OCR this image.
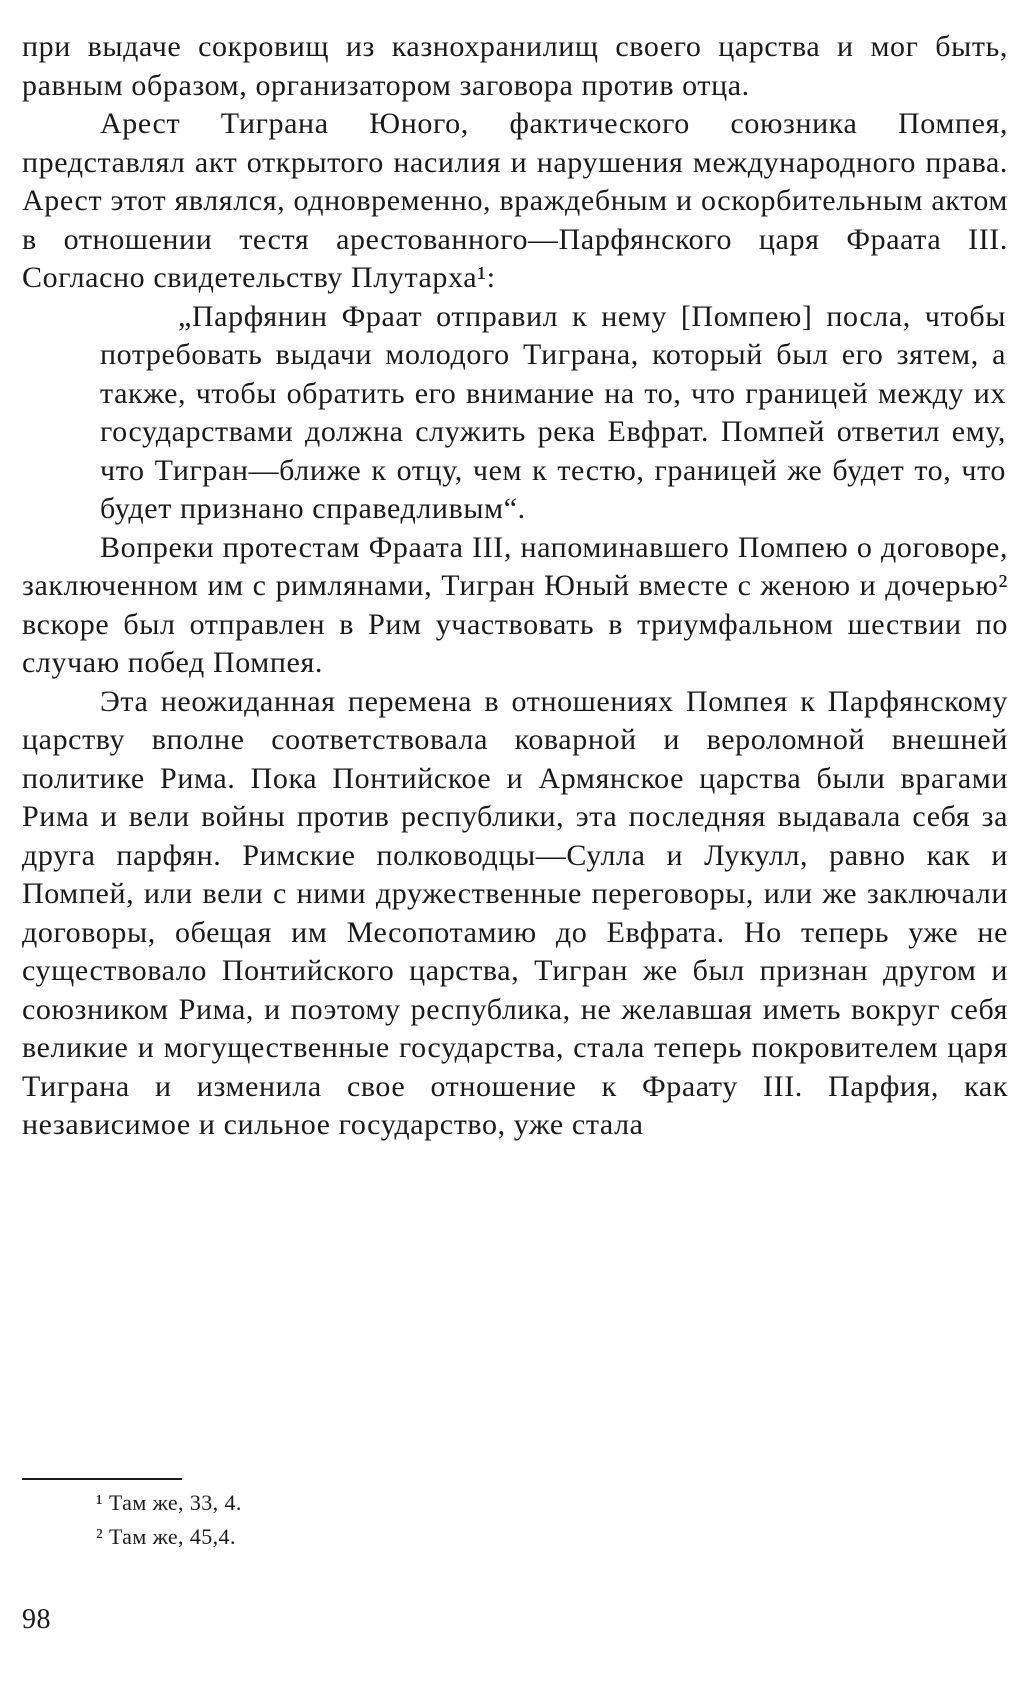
при выдаче сокровищ из казнохранилищ своего царства и мог быть, равным образом, организатором заговора против отца.

Арест Тиграна Юного, фактического союзника Помпея, представлял акт открытого насилия и нарушения международного права. Арест этот являлся, одновременно, враждебным и оскорбительным актом в отношении тестя арестованного—Парфянского царя Фраата III. Согласно свидетельству Плутарха¹:

„Парфянин Фраат отправил к нему [Помпею] посла, чтобы потребовать выдачи молодого Тиграна, который был его зятем, а также, чтобы обратить его внимание на то, что границей между их государствами должна служить река Евфрат. Помпей ответил ему, что Тигран—ближе к отцу, чем к тестю, границей же будет то, что будет признано справедливым“.

Вопреки протестам Фраата III, напоминавшего Помпею о договоре, заключенном им с римлянами, Тигран Юный вместе с женою и дочерью² вскоре был отправлен в Рим участвовать в триумфальном шествии по случаю побед Помпея.

Эта неожиданная перемена в отношениях Помпея к Парфянскому царству вполне соответствовала коварной и вероломной внешней политике Рима. Пока Понтийское и Армянское царства были врагами Рима и вели войны против республики, эта последняя выдавала себя за друга парфян. Римские полководцы—Сулла и Лукулл, равно как и Помпей, или вели с ними дружественные переговоры, или же заключали договоры, обещая им Месопотамию до Евфрата. Но теперь уже не существовало Понтийского царства, Тигран же был признан другом и союзником Рима, и поэтому республика, не желавшая иметь вокруг себя великие и могущественные государства, стала теперь покровителем царя Тиграна и изменила свое отношение к Фраату III. Парфия, как независимое и сильное государство, уже стала

¹ Там же, 33, 4.

² Там же, 45,4.

98
